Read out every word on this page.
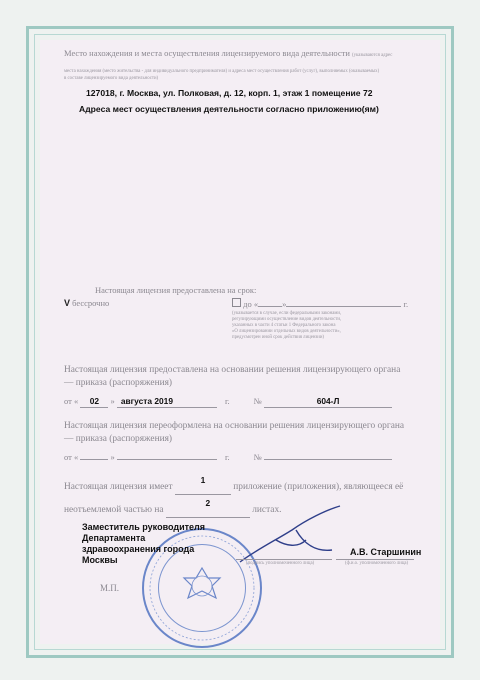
Место нахождения и места осуществления лицензируемого вида деятельности (указываются адрес
места нахождения (место жительства - для индивидуального предпринимателя) и адреса мест осуществления работ (услуг), выполняемых (оказываемых)
в составе лицензируемого вида деятельности)
127018, г. Москва, ул. Полковая, д. 12, корп. 1, этаж 1 помещение 72
Адреса мест осуществления деятельности согласно приложению(ям)
Настоящая лицензия предоставлена на срок:
V бессрочно	до «	»	г.
(указывается в случае, если федеральными законами,
регулирующими осуществление видов деятельности,
указанных в части 4 статьи 1 Федерального закона
«О лицензировании отдельных видов деятельности»,
предусмотрен иной срок действия лицензии)
Настоящая лицензия предоставлена на основании решения лицензирующего органа
— приказа (распоряжения)
от « 02 » августа 2019	г.	№	604-Л
Настоящая лицензия переоформлена на основании решения лицензирующего органа
— приказа (распоряжения)
от «	»	г.	№
Настоящая лицензия имеет 1 приложение (приложения), являющееся её
неотъемлемой частью на 2 листах.
Заместитель руководителя
Департамента
здравоохранения города
Москвы
А.В. Старшинин
(подпись уполномоченного лица)	(ф.и.о. уполномоченного лица)
М.П.
